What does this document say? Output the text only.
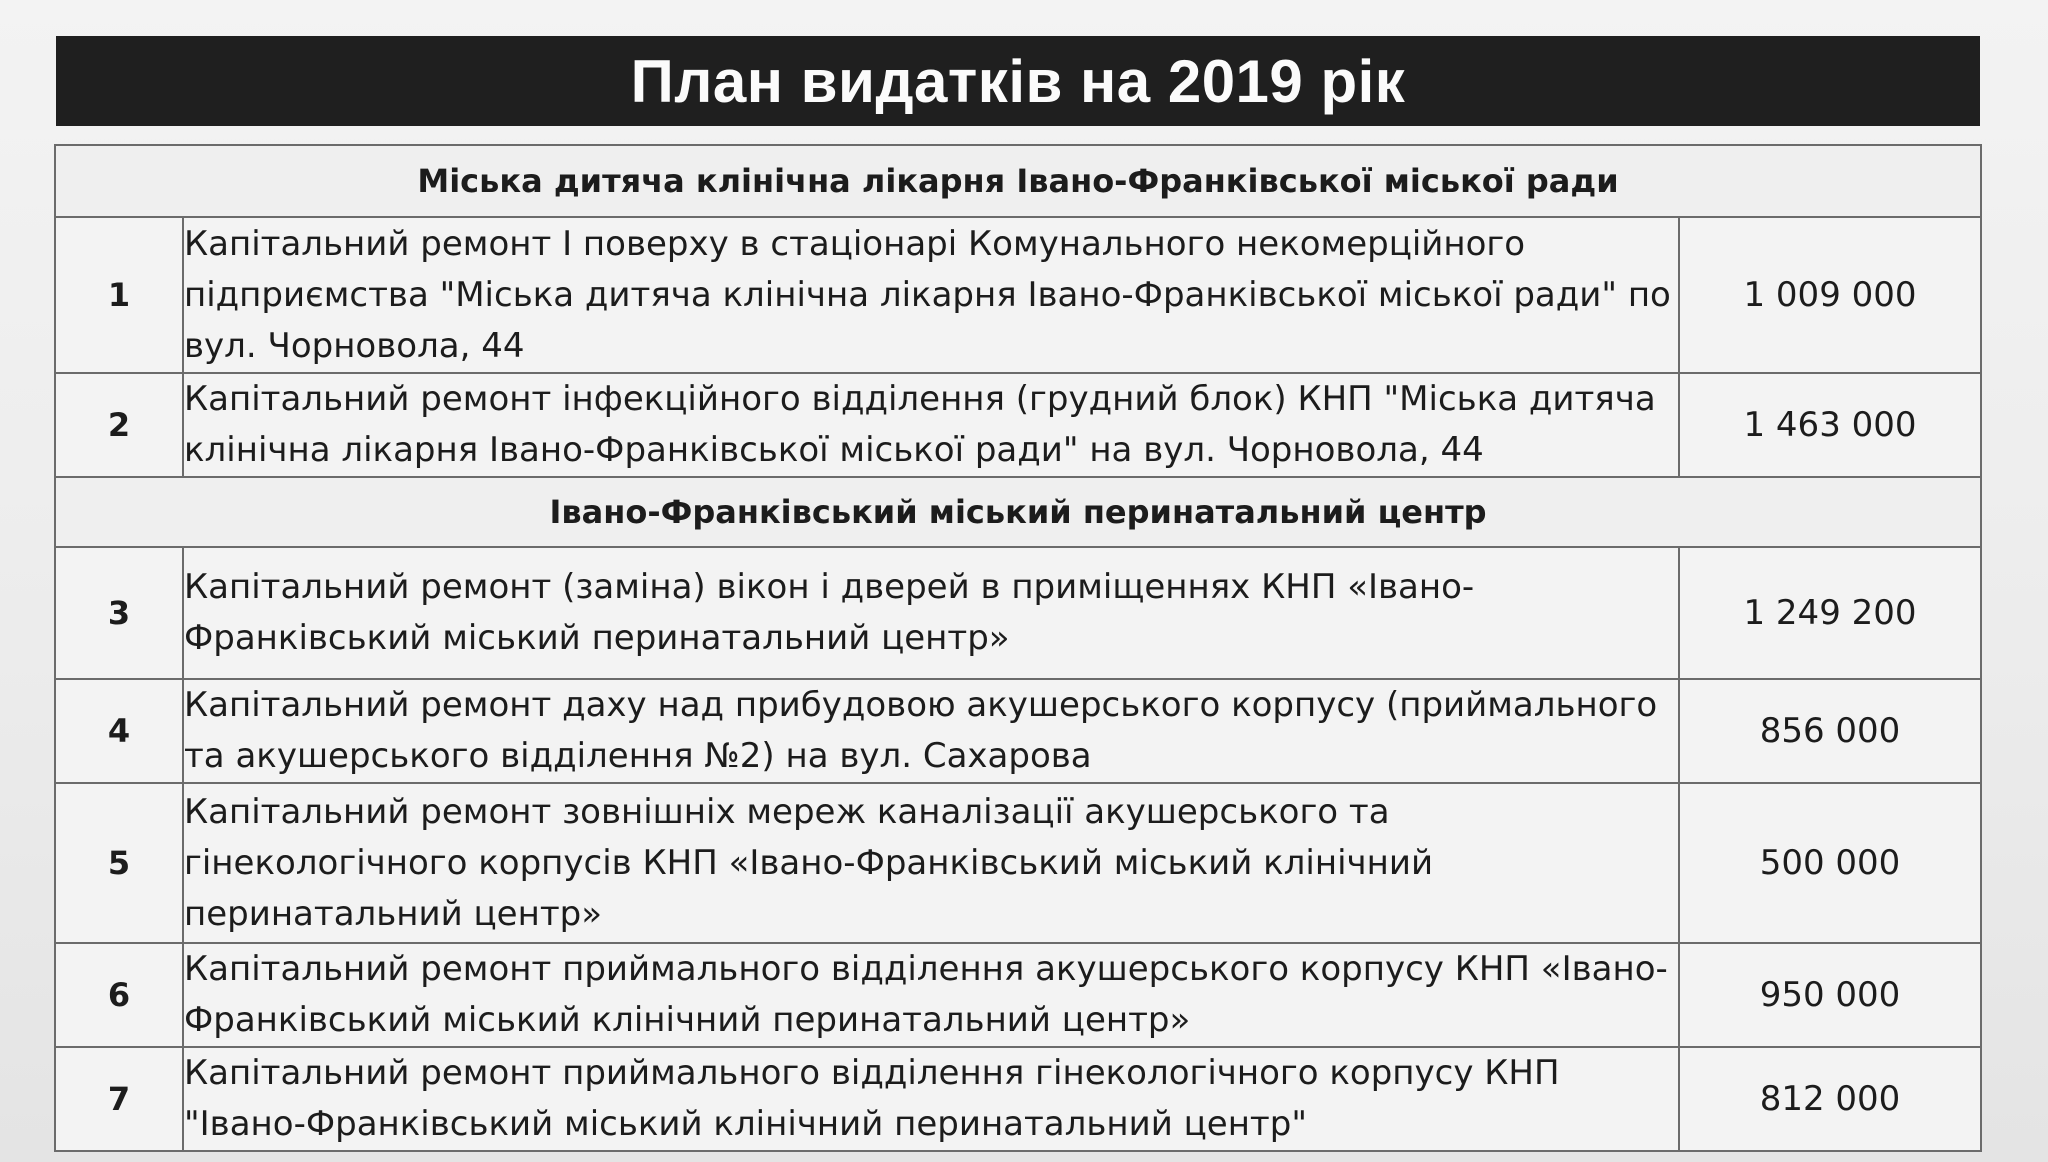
План видатків на 2019 рік
Міська дитяча клінічна лікарня Івано-Франківської міської ради		
1	Капітальний ремонт І поверху в стаціонарі Комунального некомерційного підприємства "Міська дитяча клінічна лікарня Івано-Франківської міської ради" по вул. Чорновола, 44	1 009 000
2	Капітальний ремонт інфекційного відділення (грудний блок) КНП "Міська дитяча клінічна лікарня Івано-Франківської міської ради" на вул. Чорновола, 44	1 463 000
Івано-Франківський міський перинатальний центр		
3	Капітальний ремонт (заміна) вікон і дверей в приміщеннях КНП «Івано-Франківський міський перинатальний центр»	1 249 200
4	Капітальний ремонт даху над прибудовою акушерського корпусу (приймального та акушерського відділення №2) на вул. Сахарова	856 000
5	Капітальний ремонт зовнішніх мереж каналізації акушерського та гінекологічного корпусів КНП «Івано-Франківський міський клінічний перинатальний центр»	500 000
6	Капітальний ремонт приймального відділення акушерського корпусу КНП «Івано-Франківський міський клінічний перинатальний центр»	950 000
7	Капітальний ремонт приймального відділення гінекологічного корпусу КНП "Івано-Франківський міський клінічний перинатальний центр"	812 000
